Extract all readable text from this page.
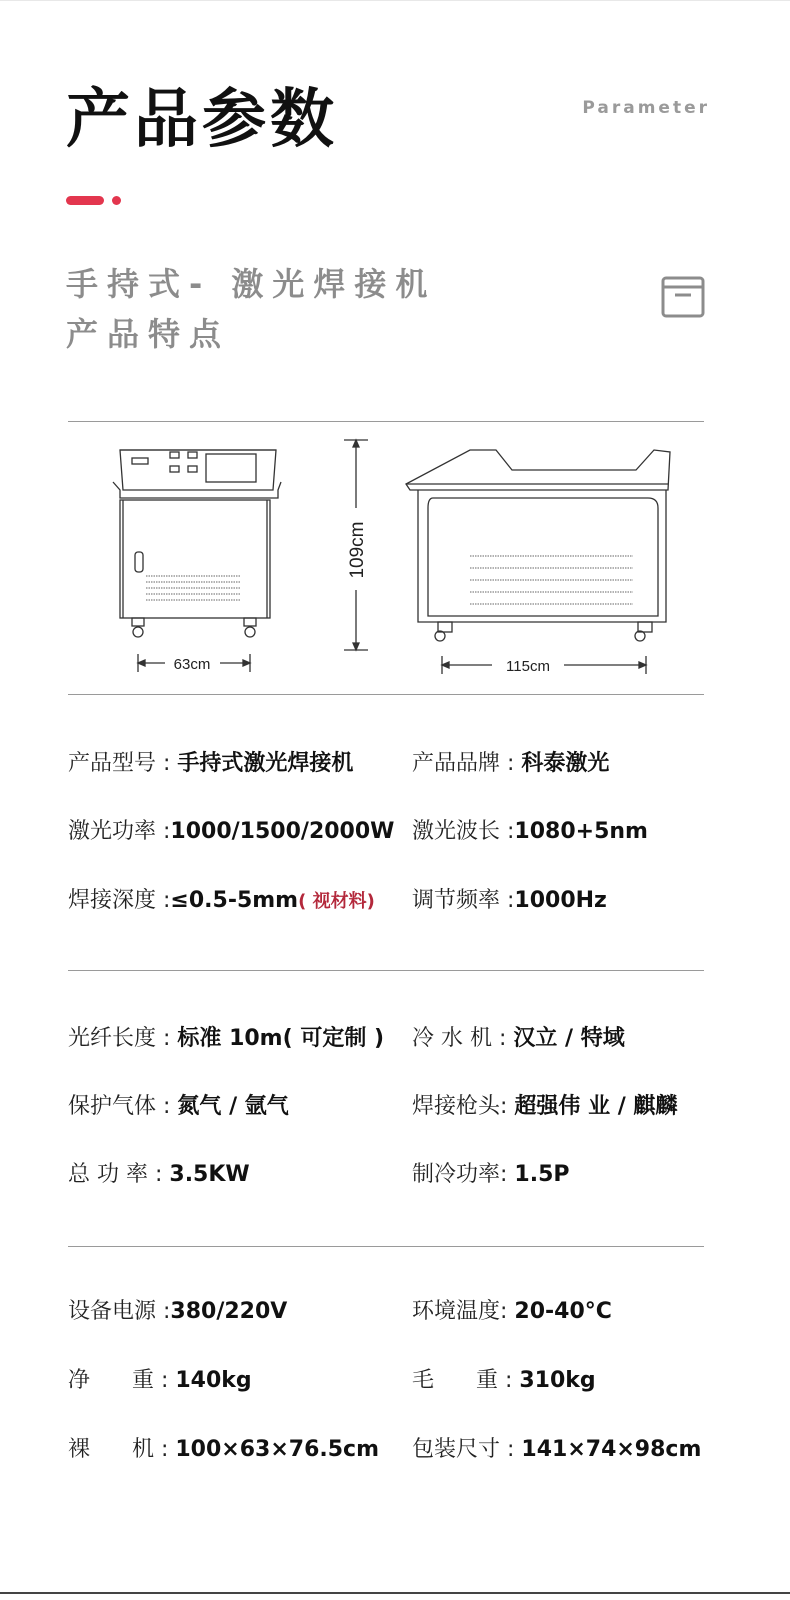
产品参数	Parameter
手持式- 激光焊接机
产品特点
63cm
109cm
115cm
产品型号 : 手持式激光焊接机	产品品牌 : 科泰激光
激光功率 :1000/1500/2000W 激光波长 :1080+5nm
焊接深度 :≤0.5-5mm( 视材料) 调节频率 :1000Hz
光纤长度 : 标准 10m( 可定制 ) 冷 水 机 : 汉立 / 特域
保护气体 : 氮气 / 氩气	焊接枪头: 超强伟 业 / 麒麟
总 功 率 : 3.5KW	制冷功率: 1.5P
设备电源 :380/220V	环境温度: 20-40°C
净      重 : 140kg	毛      重 : 310kg
裸      机 : 100×63×76.5cm 包装尺寸 : 141×74×98cm
